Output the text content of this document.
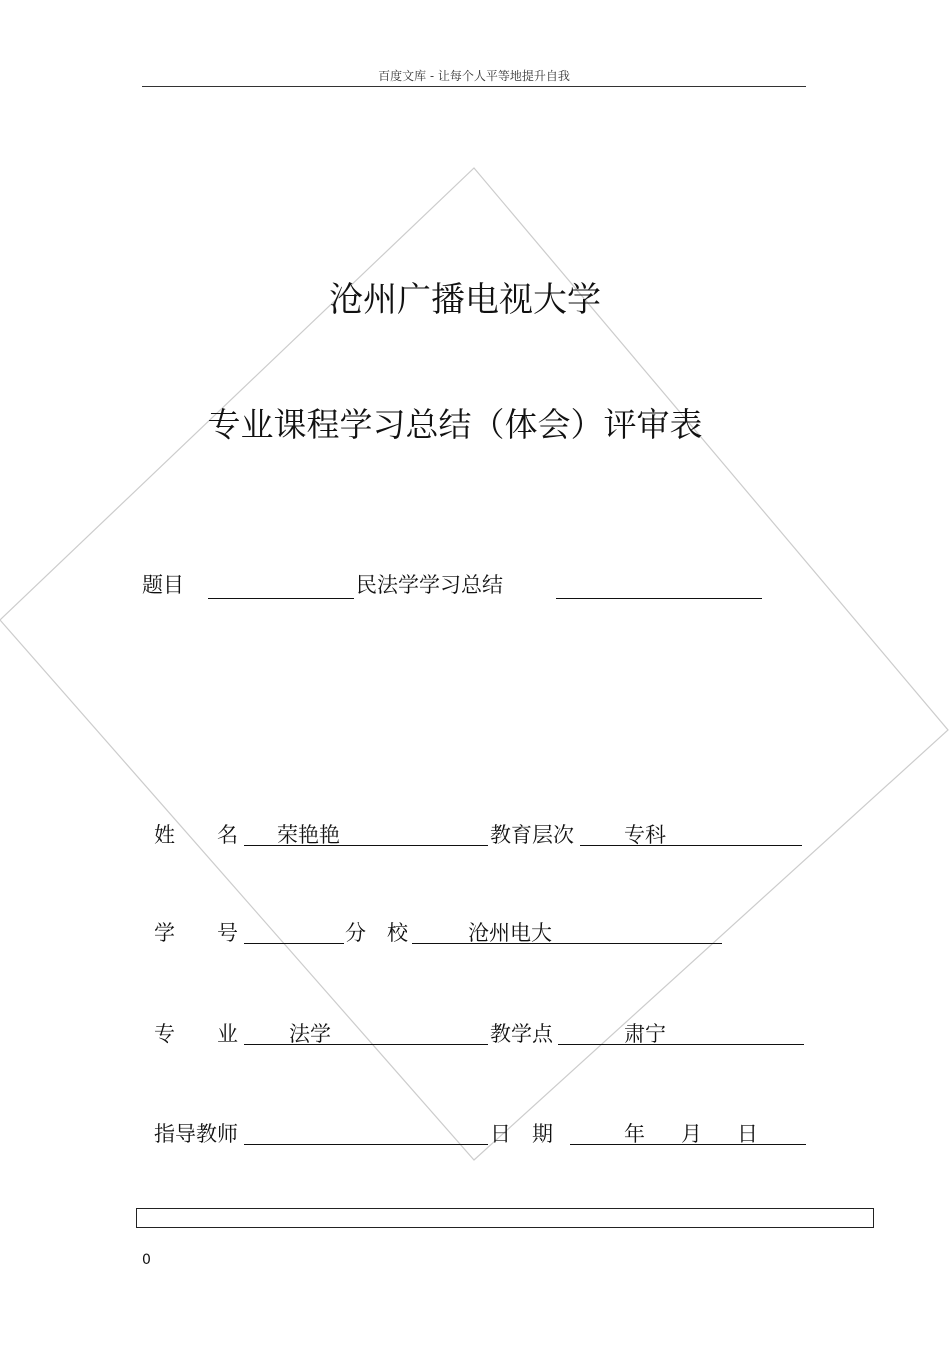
百度文库 - 让每个人平等地提升自我
沧州广播电视大学
专业课程学习总结（体会）评审表
题目	民法学学习总结
姓　　名 荣艳艳	教育层次 专科
学　　号	分　校	沧州电大
专　　业 法学	教学点	肃宁
指导教师	日　期	年 月 日
0
